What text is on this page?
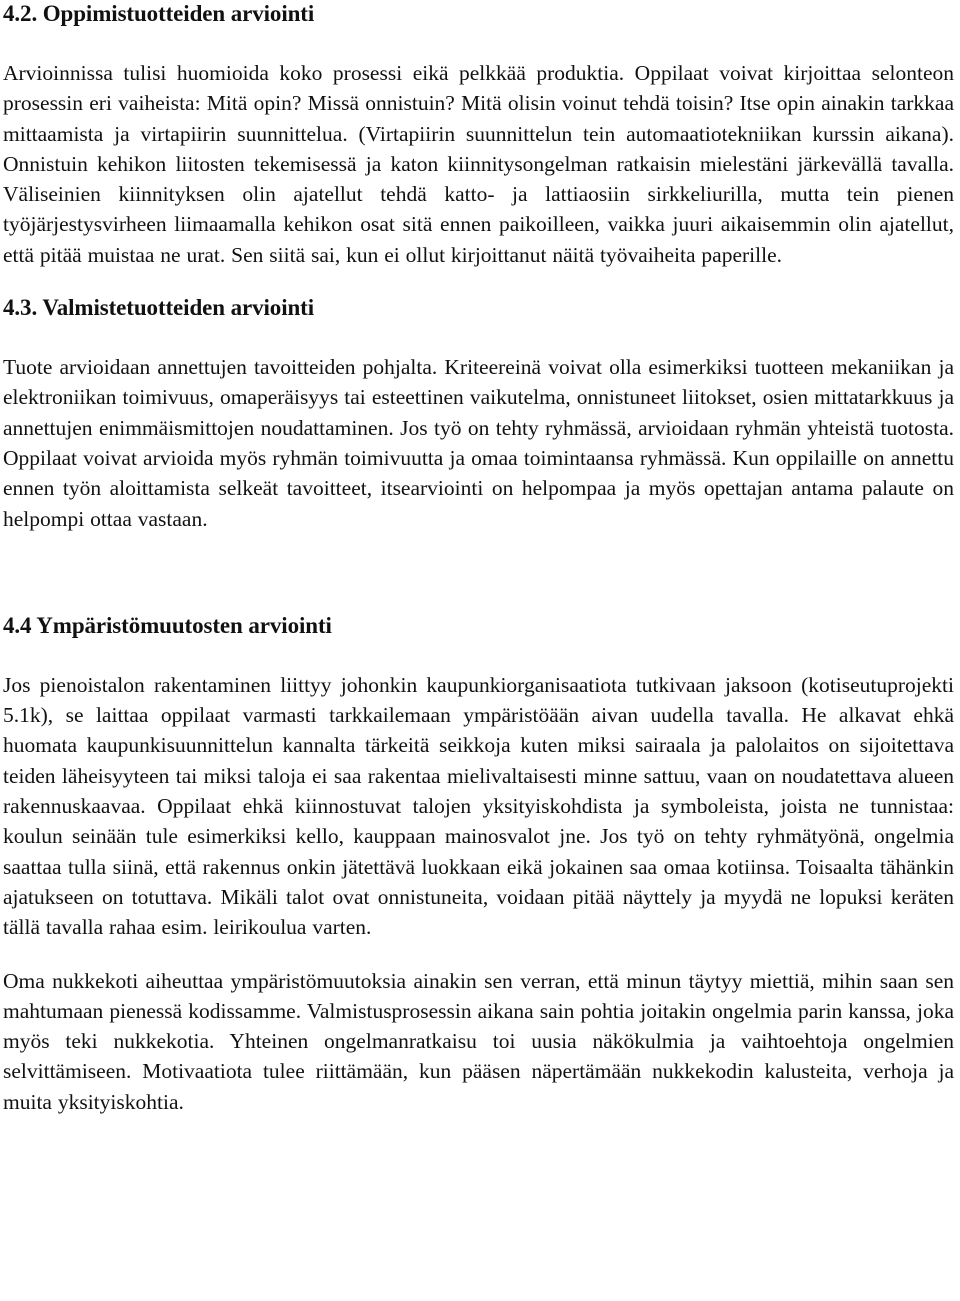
4.2. Oppimistuotteiden arviointi

Arvioinnissa tulisi huomioida koko prosessi eikä pelkkää produktia. Oppilaat voivat kirjoittaa selonteon prosessin eri vaiheista: Mitä opin? Missä onnistuin? Mitä olisin voinut tehdä toisin? Itse opin ainakin tarkkaa mittaamista ja virtapiirin suunnittelua. (Virtapiirin suunnittelun tein automaatiotekniikan kurssin aikana). Onnistuin kehikon liitosten tekemisessä ja katon kiinnitysongelman ratkaisin mielestäni järkevällä tavalla. Väliseinien kiinnityksen olin ajatellut tehdä katto- ja lattiaosiin sirkkeliurilla, mutta tein pienen työjärjestysvirheen liimaamalla kehikon osat sitä ennen paikoilleen, vaikka juuri aikaisemmin olin ajatellut, että pitää muistaa ne urat. Sen siitä sai, kun ei ollut kirjoittanut näitä työvaiheita paperille.

4.3. Valmistetuotteiden arviointi

Tuote arvioidaan annettujen tavoitteiden pohjalta. Kriteereinä voivat olla esimerkiksi tuotteen mekaniikan ja elektroniikan toimivuus, omaperäisyys tai esteettinen vaikutelma, onnistuneet liitokset, osien mittatarkkuus ja annettujen enimmäismittojen noudattaminen. Jos työ on tehty ryhmässä, arvioidaan ryhmän yhteistä tuotosta. Oppilaat voivat arvioida myös ryhmän toimivuutta ja omaa toimintaansa ryhmässä. Kun oppilaille on annettu ennen työn aloittamista selkeät tavoitteet, itsearviointi on helpompaa ja myös opettajan antama palaute on helpompi ottaa vastaan.

4.4 Ympäristömuutosten arviointi

Jos pienoistalon rakentaminen liittyy johonkin kaupunkiorganisaatiota tutkivaan jaksoon (kotiseutuprojekti 5.1k), se laittaa oppilaat varmasti tarkkailemaan ympäristöään aivan uudella tavalla. He alkavat ehkä huomata kaupunkisuunnittelun kannalta tärkeitä seikkoja kuten miksi sairaala ja palolaitos on sijoitettava teiden läheisyyteen tai miksi taloja ei saa rakentaa mielivaltaisesti minne sattuu, vaan on noudatettava alueen rakennuskaavaa. Oppilaat ehkä kiinnostuvat talojen yksityiskohdista ja symboleista, joista ne tunnistaa: koulun seinään tule esimerkiksi kello, kauppaan mainosvalot jne. Jos työ on tehty ryhmätyönä, ongelmia saattaa tulla siinä, että rakennus onkin jätettävä luokkaan eikä jokainen saa omaa kotiinsa. Toisaalta tähänkin ajatukseen on totuttava. Mikäli talot ovat onnistuneita, voidaan pitää näyttely ja myydä ne lopuksi keräten tällä tavalla rahaa esim. leirikoulua varten.

Oma nukkekoti aiheuttaa ympäristömuutoksia ainakin sen verran, että minun täytyy miettiä, mihin saan sen mahtumaan pienessä kodissamme. Valmistusprosessin aikana sain pohtia joitakin ongelmia parin kanssa, joka myös teki nukkekotia. Yhteinen ongelmanratkaisu toi uusia näkökulmia ja vaihtoehtoja ongelmien selvittämiseen. Motivaatiota tulee riittämään, kun pääsen näpertämään nukkekodin kalusteita, verhoja ja muita yksityiskohtia.
